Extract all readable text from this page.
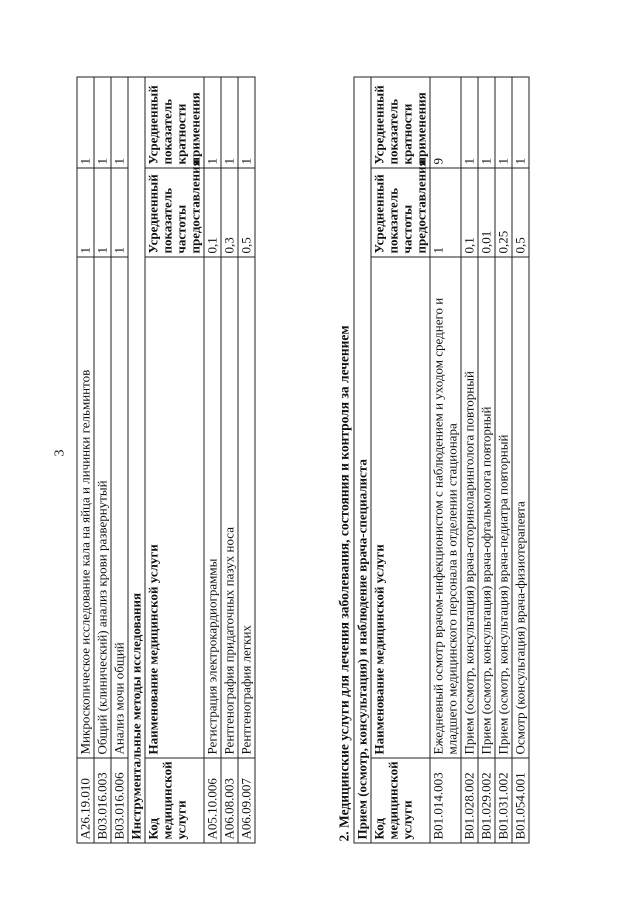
3
A26.19.010	Микроскопическое исследование кала на яйца и личинки гельминтов	1	1
B03.016.003	Общий (клинический) анализ крови развернутый	1	1
B03.016.006	Анализ мочи общий	1	1
Инструментальные методы исследования			
Код медицинской услуги	Наименование медицинской услуги	Усредненный показатель частоты предоставления	Усредненный показатель кратности применения
A05.10.006	Регистрация электрокардиограммы	0,1	1
A06.08.003	Рентгенография придаточных пазух носа	0,3	1
A06.09.007	Рентгенография легких	0,5	1
2. Медицинские услуги для лечения заболевания, состояния и контроля за лечением Прием (осмотр, консультация) и наблюдение врача-специалиста			
Код медицинской услуги	Наименование медицинской услуги	Усредненный показатель частоты предоставления	Усредненный показатель кратности применения
B01.014.003	Ежедневный осмотр врачом-инфекционистом с наблюдением и уходом среднего и младшего медицинского персонала в отделении стационара	1	9
B01.028.002	Прием (осмотр, консультация) врача-оториноларинголога повторный	0,1	1
B01.029.002	Прием (осмотр, консультация) врача-офтальмолога повторный	0,01	1
B01.031.002	Прием (осмотр, консультация) врача-педиатра повторный	0,25	1
B01.054.001	Осмотр (консультация) врача-физиотерапевта	0,5	1
